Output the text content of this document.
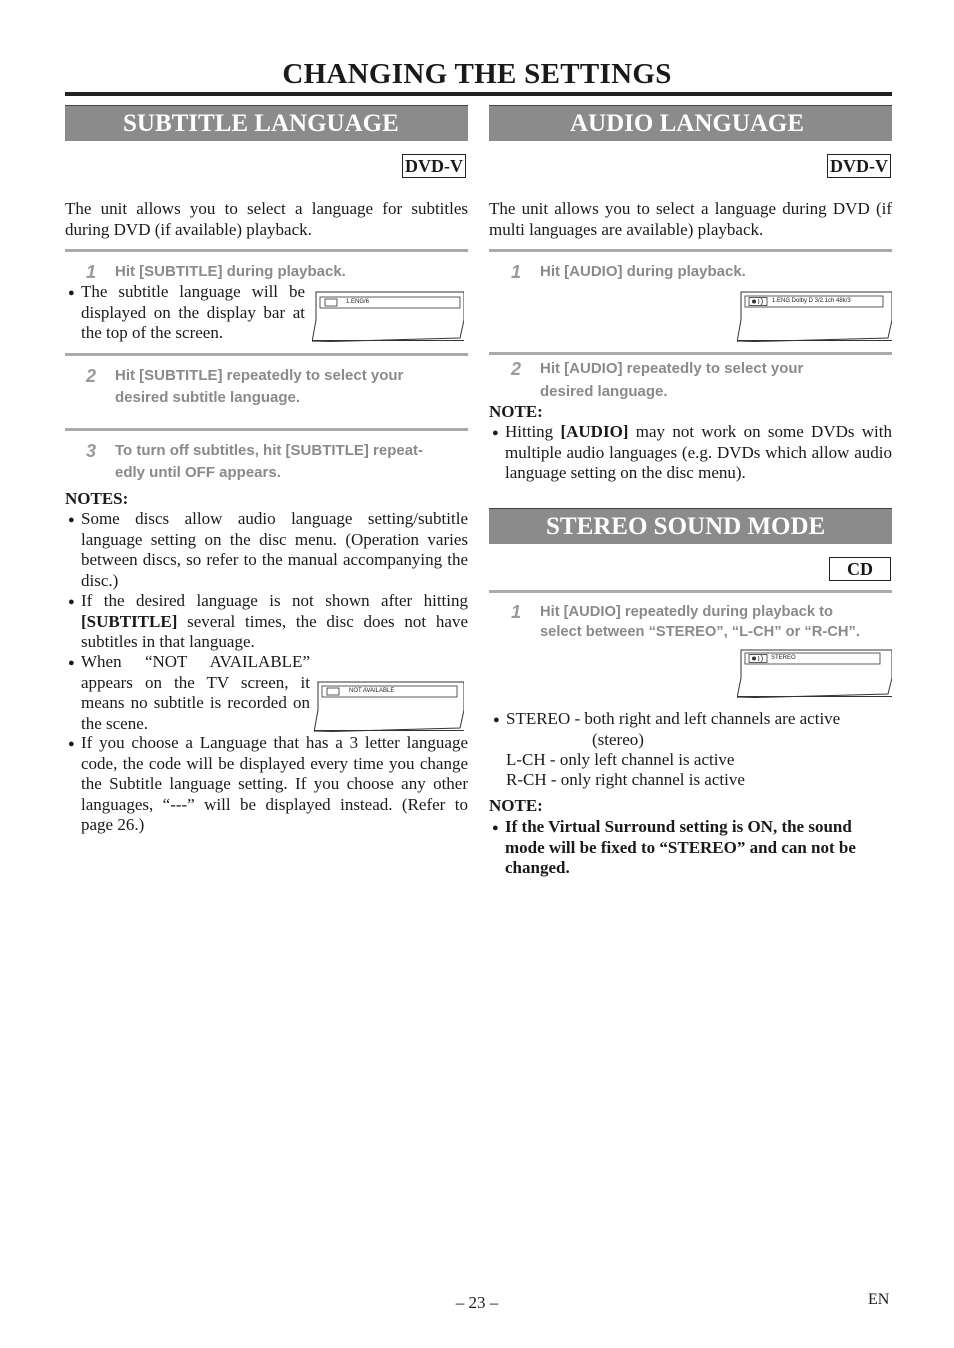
CHANGING THE SETTINGS
SUBTITLE LANGUAGE
DVD-V
The unit allows you to select a language for subtitles during DVD (if available) playback.
1 Hit [SUBTITLE] during playback.
● The subtitle language will be displayed on the display bar at the top of the screen.
1.ENG/6
2 Hit [SUBTITLE] repeatedly to select your
desired subtitle language.
3 To turn off subtitles, hit [SUBTITLE] repeat-
edly until OFF appears.
NOTES:
● Some discs allow audio language setting/subtitle language setting on the disc menu. (Operation varies between discs, so refer to the manual accompanying the disc.)
● If the desired language is not shown after hitting [SUBTITLE] several times, the disc does not have subtitles in that language.
● When “NOT AVAILABLE” appears on the TV screen, it means no subtitle is recorded on the scene.
NOT AVAILABLE
● If you choose a Language that has a 3 letter language code, the code will be displayed every time you change the Subtitle language setting. If you choose any other languages, “---” will be displayed instead. (Refer to page 26.)
AUDIO LANGUAGE
DVD-V
The unit allows you to select a language during DVD (if multi languages are available) playback.
1 Hit [AUDIO] during playback.
1.ENG Dolby D 3/2.1ch 48k/3
2 Hit [AUDIO] repeatedly to select your
desired language.
NOTE:
● Hitting [AUDIO] may not work on some DVDs with multiple audio languages (e.g. DVDs which allow audio language setting on the disc menu).
STEREO SOUND MODE
CD
1 Hit [AUDIO] repeatedly during playback to
select between “STEREO”, “L-CH” or “R-CH”.
STEREO
● STEREO - both right and left channels are active
(stereo)
L-CH - only left channel is active
R-CH - only right channel is active
NOTE:
● If the Virtual Surround setting is ON, the sound mode will be fixed to “STEREO” and can not be changed.
– 23 –	EN
